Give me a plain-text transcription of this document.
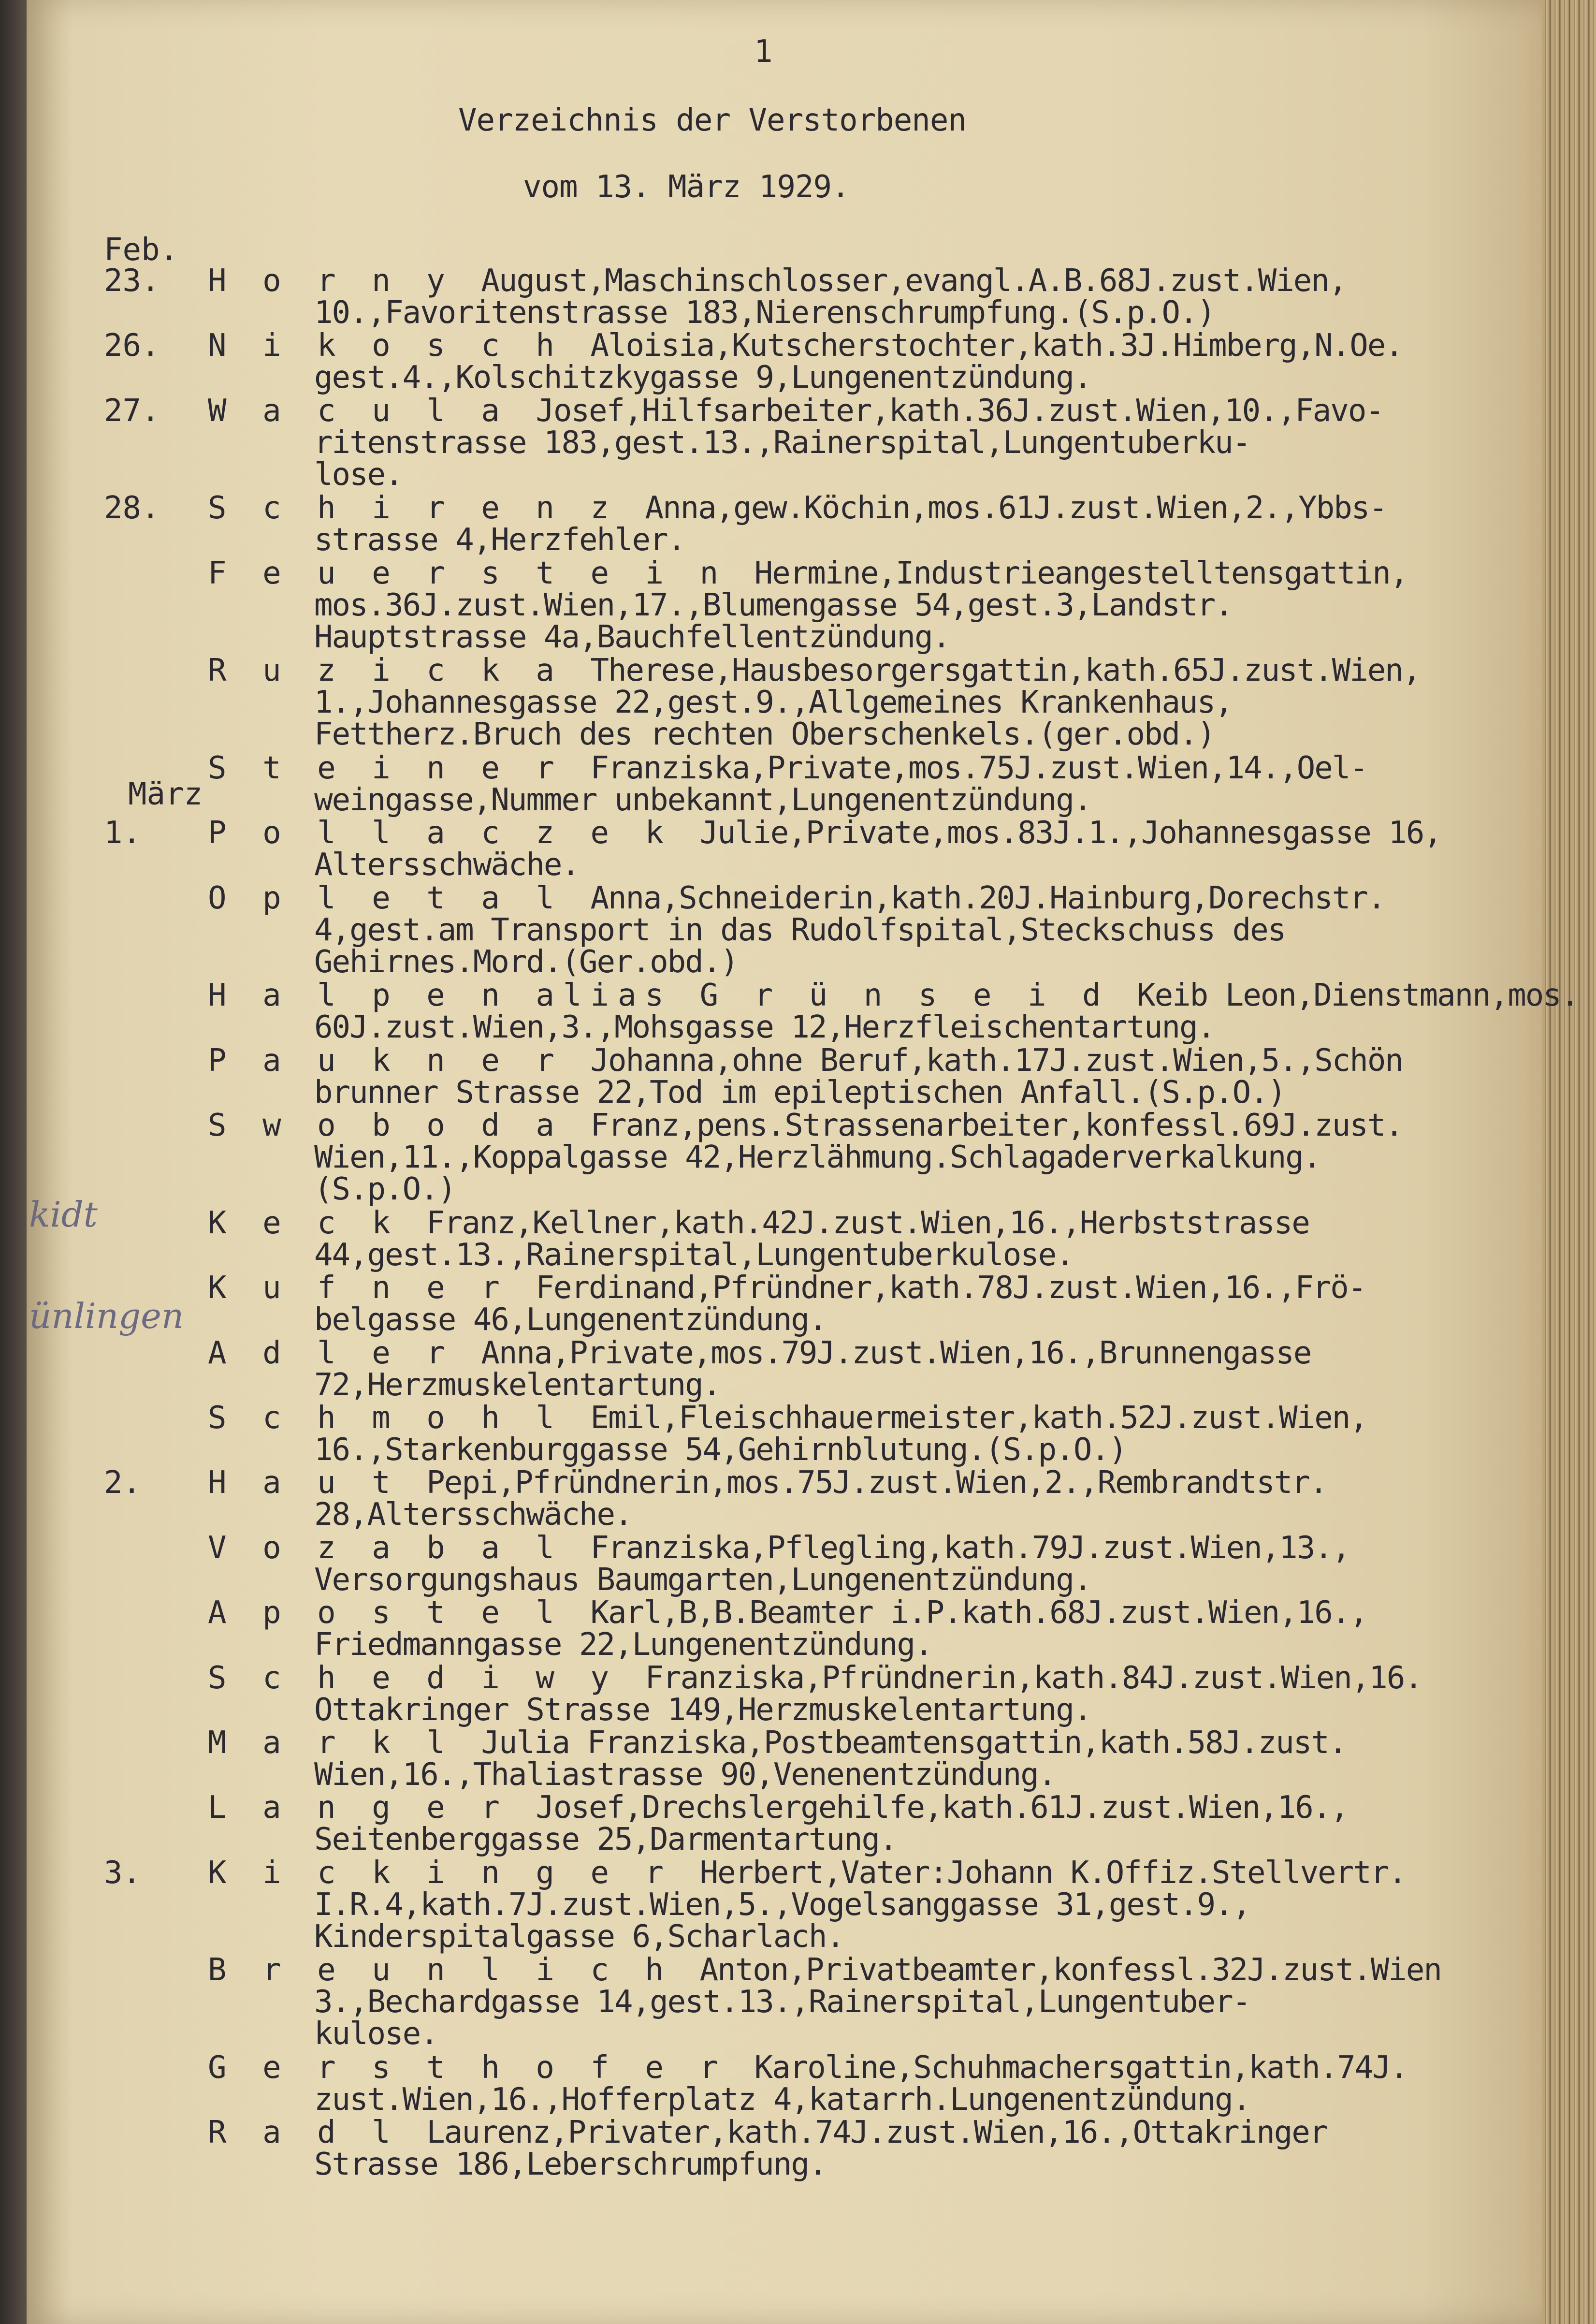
1
Verzeichnis der Verstorbenen
vom 13. März 1929.
Feb.
März
kidt
ünlingen
23. H o r n y August,Maschinschlosser,evangl.A.B.68J.zust.Wien,
10.,Favoritenstrasse 183,Nierenschrumpfung.(S.p.O.)
26. N i k o s c h Aloisia,Kutscherstochter,kath.3J.Himberg,N.Oe.
gest.4.,Kolschitzkygasse 9,Lungenentzündung.
27. W a c u l a Josef,Hilfsarbeiter,kath.36J.zust.Wien,10.,Favo-
ritenstrasse 183,gest.13.,Rainerspital,Lungentuberku-
lose.
28. S c h i r e n z Anna,gew.Köchin,mos.61J.zust.Wien,2.,Ybbs-
strasse 4,Herzfehler.
F e u e r s t e i n Hermine,Industrieangestelltensgattin,
mos.36J.zust.Wien,17.,Blumengasse 54,gest.3,Landstr.
Hauptstrasse 4a,Bauchfellentzündung.
R u z i c k a Therese,Hausbesorgersgattin,kath.65J.zust.Wien,
1.,Johannesgasse 22,gest.9.,Allgemeines Krankenhaus,
Fettherz.Bruch des rechten Oberschenkels.(ger.obd.)
S t e i n e r Franziska,Private,mos.75J.zust.Wien,14.,Oel-
weingasse,Nummer unbekannt,Lungenentzündung.
1. P o l l a c z e k Julie,Private,mos.83J.1.,Johannesgasse 16,
Altersschwäche.
O p l e t a l Anna,Schneiderin,kath.20J.Hainburg,Dorechstr.
4,gest.am Transport in das Rudolfspital,Steckschuss des
Gehirnes.Mord.(Ger.obd.)
H a l p e n alias G r ü n s e i d Keib Leon,Dienstmann,mos.
60J.zust.Wien,3.,Mohsgasse 12,Herzfleischentartung.
P a u k n e r Johanna,ohne Beruf,kath.17J.zust.Wien,5.,Schön
brunner Strasse 22,Tod im epileptischen Anfall.(S.p.O.)
S w o b o d a Franz,pens.Strassenarbeiter,konfessl.69J.zust.
Wien,11.,Koppalgasse 42,Herzlähmung.Schlagaderverkalkung.
(S.p.O.)
K e c k Franz,Kellner,kath.42J.zust.Wien,16.,Herbststrasse
44,gest.13.,Rainerspital,Lungentuberkulose.
K u f n e r Ferdinand,Pfründner,kath.78J.zust.Wien,16.,Frö-
belgasse 46,Lungenentzündung.
A d l e r Anna,Private,mos.79J.zust.Wien,16.,Brunnengasse
72,Herzmuskelentartung.
S c h m o h l Emil,Fleischhauermeister,kath.52J.zust.Wien,
16.,Starkenburggasse 54,Gehirnblutung.(S.p.O.)
2. H a u t Pepi,Pfründnerin,mos.75J.zust.Wien,2.,Rembrandtstr.
28,Altersschwäche.
V o z a b a l Franziska,Pflegling,kath.79J.zust.Wien,13.,
Versorgungshaus Baumgarten,Lungenentzündung.
A p o s t e l Karl,B,B.Beamter i.P.kath.68J.zust.Wien,16.,
Friedmanngasse 22,Lungenentzündung.
S c h e d i w y Franziska,Pfründnerin,kath.84J.zust.Wien,16.
Ottakringer Strasse 149,Herzmuskelentartung.
M a r k l Julia Franziska,Postbeamtensgattin,kath.58J.zust.
Wien,16.,Thaliastrasse 90,Venenentzündung.
L a n g e r Josef,Drechslergehilfe,kath.61J.zust.Wien,16.,
Seitenberggasse 25,Darmentartung.
3. K i c k i n g e r Herbert,Vater:Johann K.Offiz.Stellvertr.
I.R.4,kath.7J.zust.Wien,5.,Vogelsanggasse 31,gest.9.,
Kinderspitalgasse 6,Scharlach.
B r e u n l i c h Anton,Privatbeamter,konfessl.32J.zust.Wien
3.,Bechardgasse 14,gest.13.,Rainerspital,Lungentuber-
kulose.
G e r s t h o f e r Karoline,Schuhmachersgattin,kath.74J.
zust.Wien,16.,Hofferplatz 4,katarrh.Lungenentzündung.
R a d l Laurenz,Privater,kath.74J.zust.Wien,16.,Ottakringer
Strasse 186,Leberschrumpfung.
